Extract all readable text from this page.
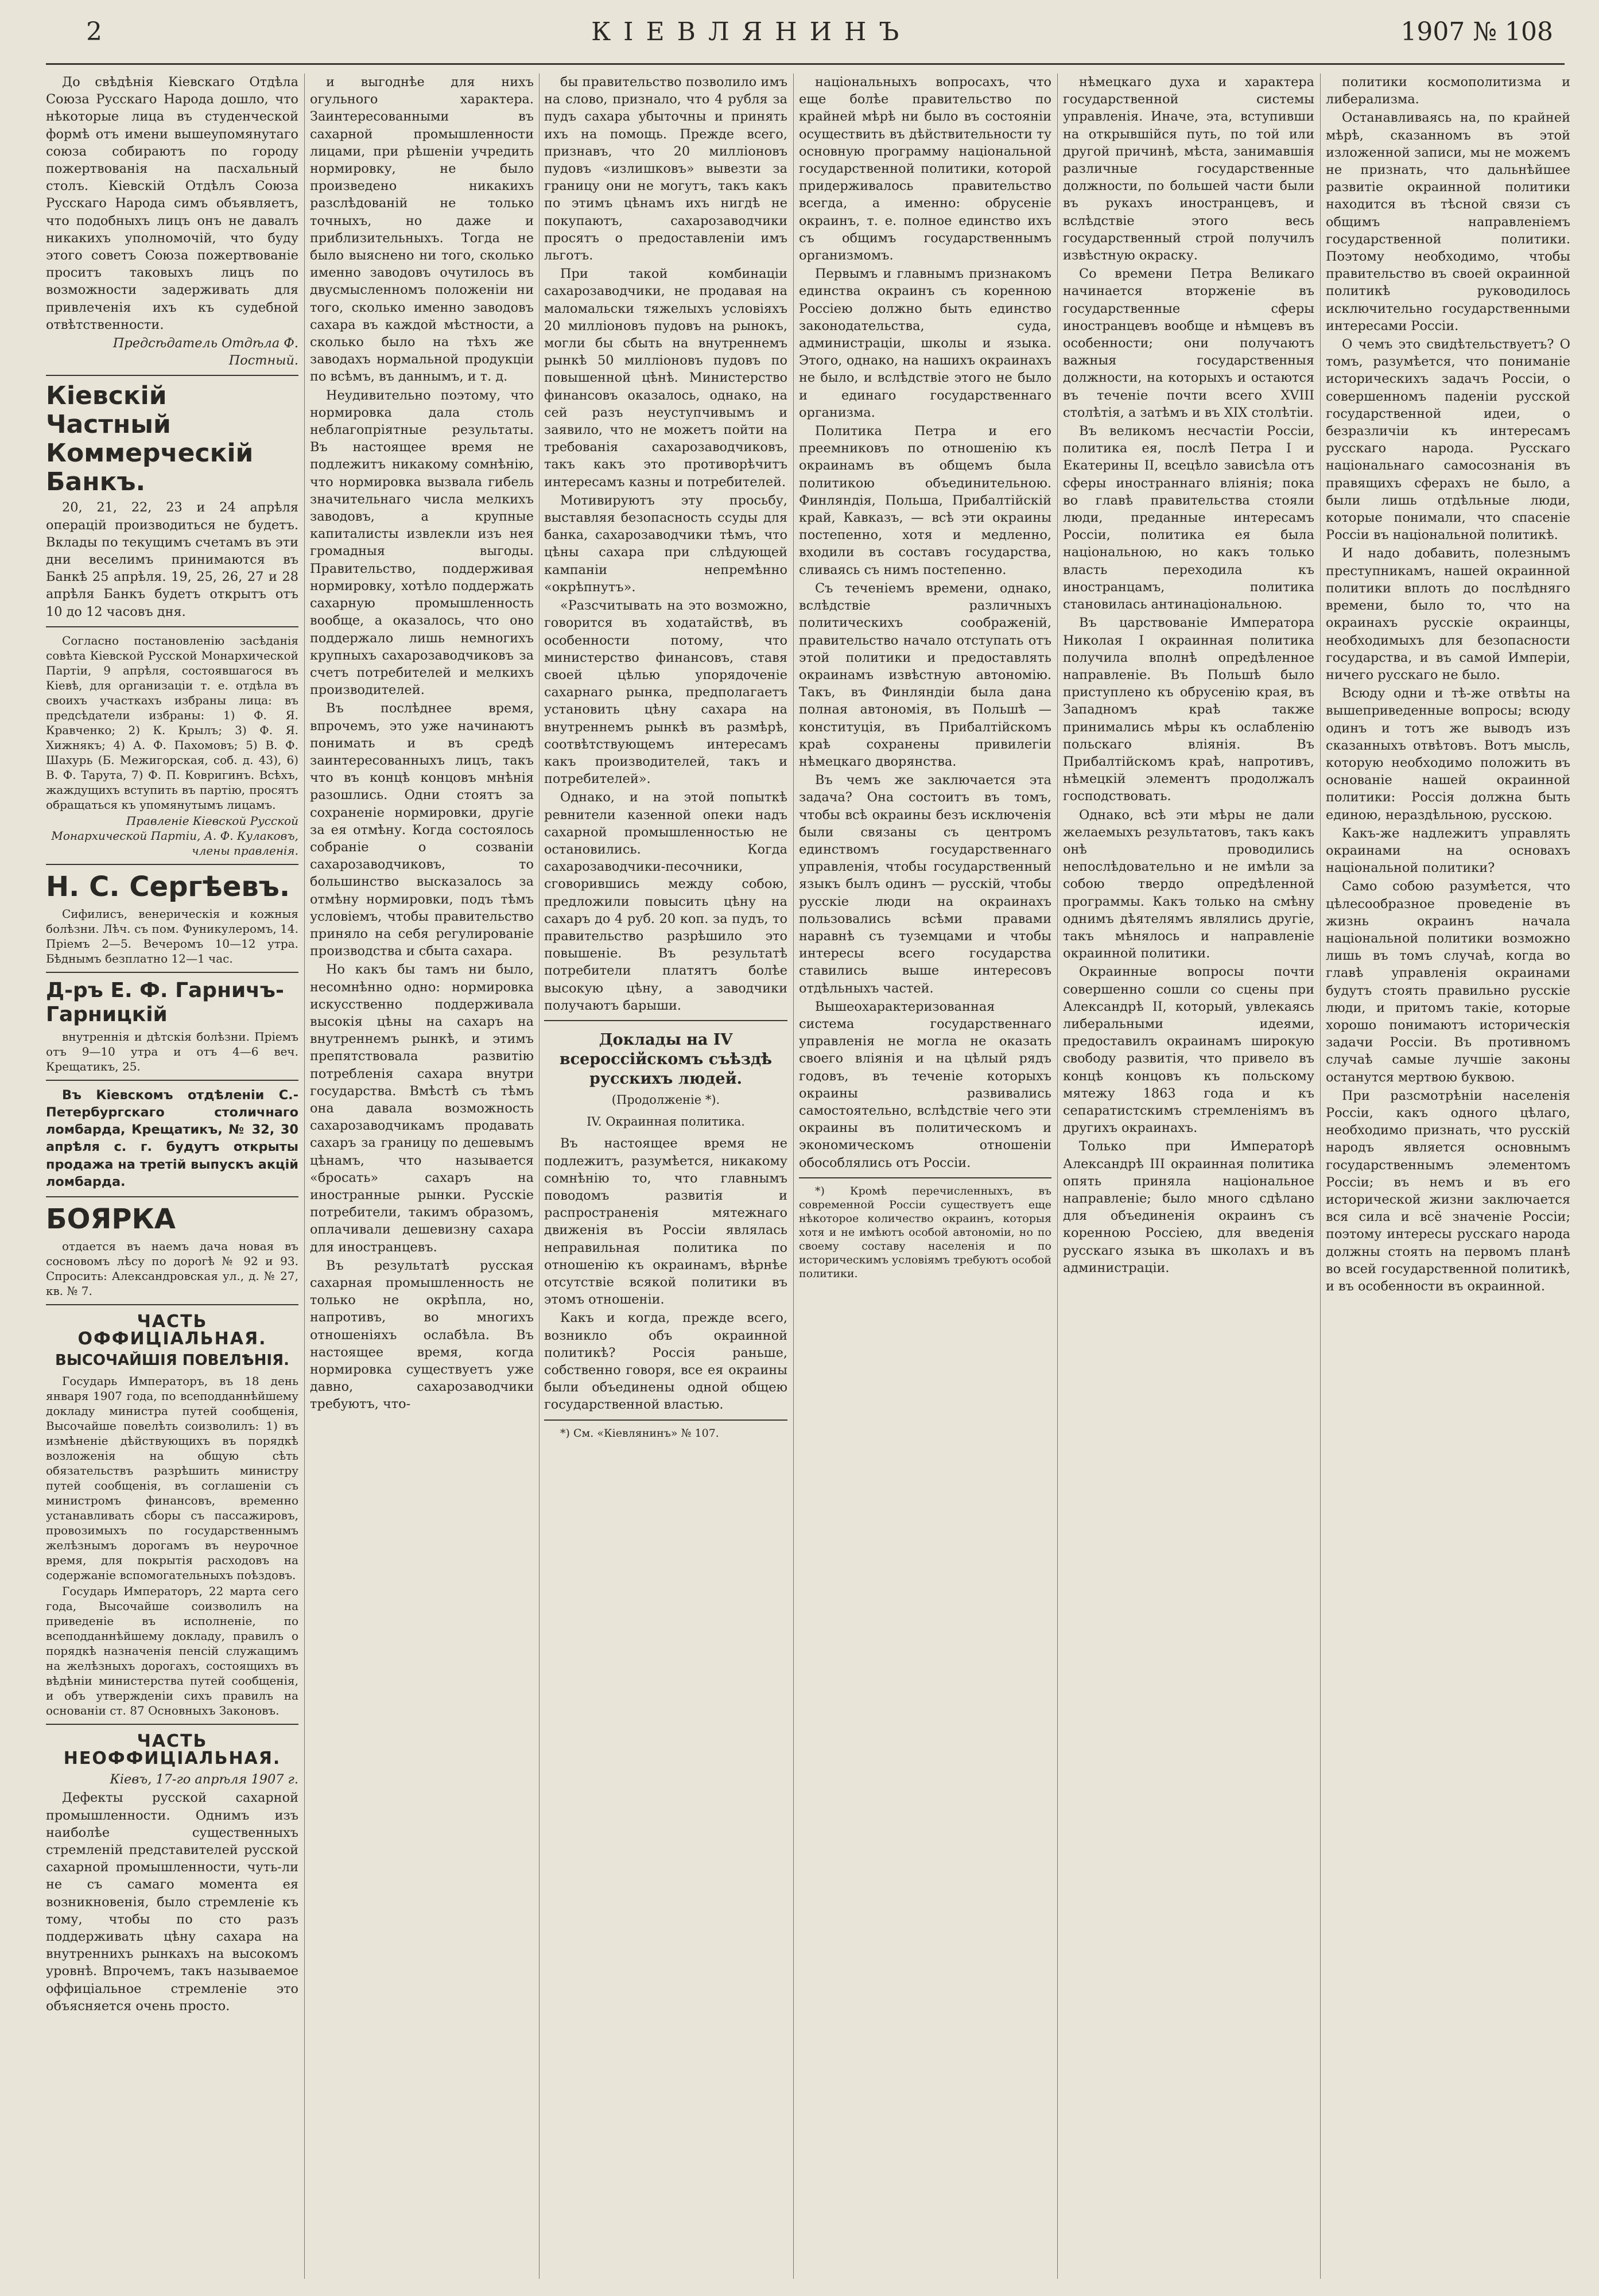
2	КІЕВЛЯНИНЪ	1907 № 108

До свѣдѣнія Кіевскаго Отдѣла Союза Русскаго Народа дошло, что нѣкоторые лица въ студенческой формѣ отъ имени вышеупомянутаго союза собираютъ по городу пожертвованія на пасхальный столъ. Кіевскій Отдѣлъ Союза Русскаго Народа симъ объявляетъ, что подобныхъ лицъ онъ не давалъ никакихъ уполномочій, что буду этого советъ Союза пожертвованіе проситъ таковыхъ лицъ по возможности задерживать для привлеченія ихъ къ судебной отвѣтственности.

Предсѣдатель Отдѣла Ф. Постный.

Кіевскій Частный Коммерческій Банкъ.

20, 21, 22, 23 и 24 апрѣля операцій производиться не будетъ. Вклады по текущимъ счетамъ въ эти дни веселимъ принимаются въ Банкѣ 25 апрѣля. 19, 25, 26, 27 и 28 апрѣля Банкъ будетъ открытъ отъ 10 до 12 часовъ дня.

Согласно постановленію засѣданія совѣта Кіевской Русской Монархической Партіи, 9 апрѣля, состоявшагося въ Кіевѣ, для организаціи т. е. отдѣла въ своихъ участкахъ избраны лица: въ предсѣдатели избраны: 1) Ф. Я. Кравченко; 2) К. Крылъ; 3) Ф. Я. Хижнякъ; 4) А. Ф. Пахомовъ; 5) В. Ф. Шахурь (Б. Межигорская, соб. д. 43), 6) В. Ф. Тарута, 7) Ф. П. Ковригинъ. Всѣхъ, жаждущихъ вступить въ партію, просятъ обращаться къ упомянутымъ лицамъ.

Правленіе Кіевской Русской Монархической Партіи, А. Ф. Кулаковъ, члены правленія.

Н. С. Сергѣевъ.

Сифилисъ, венерическія и кожныя болѣзни. Лѣч. съ пом. Фуникулеромъ, 14. Пріемъ 2—5. Вечеромъ 10—12 утра. Бѣднымъ безплатно 12—1 час.

Д-ръ Е. Ф. Гарничъ-Гарницкій

внутреннія и дѣтскія болѣзни. Пріемъ отъ 9—10 утра и отъ 4—6 веч. Крещатикъ, 25.

Въ Кіевскомъ отдѣленіи С.-Петербургскаго столичнаго ломбарда, Крещатикъ, № 32, 30 апрѣля с. г. будутъ открыты продажа на третій выпускъ акцій ломбарда.

БОЯРКА

отдается въ наемъ дача новая въ сосновомъ лѣсу по дорогѣ № 92 и 93. Спросить: Александровская ул., д. № 27, кв. № 7.

ЧАСТЬ ОФФИЦІАЛЬНАЯ.
ВЫСОЧАЙШІЯ ПОВЕЛѢНІЯ.

Государь Императоръ, въ 18 день января 1907 года, по всеподданнѣйшему докладу министра путей сообщенія, Высочайше повелѣть соизволилъ: 1) въ измѣненіе дѣйствующихъ въ порядкѣ возложенія на общую сѣть обязательствъ разрѣшить министру путей сообщенія, въ соглашеніи съ министромъ финансовъ, временно устанавливать сборы съ пассажировъ, провозимыхъ по государственнымъ желѣзнымъ дорогамъ въ неурочное время, для покрытія расходовъ на содержаніе вспомогательныхъ поѣздовъ.

Государь Императоръ, 22 марта сего года, Высочайше соизволилъ на приведеніе въ исполненіе, по всеподданнѣйшему докладу, правилъ о порядкѣ назначенія пенсій служащимъ на желѣзныхъ дорогахъ, состоящихъ въ вѣдѣніи министерства путей сообщенія, и объ утвержденіи сихъ правилъ на основаніи ст. 87 Основныхъ Законовъ.

ЧАСТЬ НЕОФФИЦІАЛЬНАЯ.

Кіевъ, 17-го апрѣля 1907 г.

Дефекты русской сахарной промышленности. Однимъ изъ наиболѣе существенныхъ стремленій представителей русской сахарной промышленности, чуть-ли не съ самаго момента ея возникновенія, было стремленіе къ тому, чтобы по сто разъ поддерживать цѣну сахара на внутреннихъ рынкахъ на высокомъ уровнѣ. Впрочемъ, такъ называемое оффиціальное стремленіе это объясняется очень просто.

и выгоднѣе для нихъ огульного характера. Заинтересованными въ сахарной промышленности лицами, при рѣшеніи учредить нормировку, не было произведено никакихъ разслѣдованій не только точныхъ, но даже и приблизительныхъ. Тогда не было выяснено ни того, сколько именно заводовъ очутилось въ двусмысленномъ положеніи ни того, сколько именно заводовъ сахара въ каждой мѣстности, а сколько было на тѣхъ же заводахъ нормальной продукціи по всѣмъ, въ даннымъ, и т. д.

Неудивительно поэтому, что нормировка дала столь неблагопріятные результаты. Въ настоящее время не подлежитъ никакому сомнѣнію, что нормировка вызвала гибель значительнаго числа мелкихъ заводовъ, а крупные капиталисты извлекли изъ нея громадныя выгоды. Правительство, поддерживая нормировку, хотѣло поддержать сахарную промышленность вообще, а оказалось, что оно поддержало лишь немногихъ крупныхъ сахарозаводчиковъ за счетъ потребителей и мелкихъ производителей.

Въ послѣднее время, впрочемъ, это уже начинаютъ понимать и въ средѣ заинтересованныхъ лицъ, такъ что въ концѣ концовъ мнѣнія разошлись. Одни стоятъ за сохраненіе нормировки, другіе за ея отмѣну. Когда состоялось собраніе о созваніи сахарозаводчиковъ, то большинство высказалось за отмѣну нормировки, подъ тѣмъ условіемъ, чтобы правительство приняло на себя регулированіе производства и сбыта сахара.

Но какъ бы тамъ ни было, несомнѣнно одно: нормировка искусственно поддерживала высокія цѣны на сахаръ на внутреннемъ рынкѣ, и этимъ препятствовала развитію потребленія сахара внутри государства. Вмѣстѣ съ тѣмъ она давала возможность сахарозаводчикамъ продавать сахаръ за границу по дешевымъ цѣнамъ, что называется «бросать» сахаръ на иностранные рынки. Русскіе потребители, такимъ образомъ, оплачивали дешевизну сахара для иностранцевъ.

Въ результатѣ русская сахарная промышленность не только не окрѣпла, но, напротивъ, во многихъ отношеніяхъ ослабѣла. Въ настоящее время, когда нормировка существуетъ уже давно, сахарозаводчики требуютъ, что-

бы правительство позволило имъ на слово, признало, что 4 рубля за пудъ сахара убыточны и принять ихъ на помощь. Прежде всего, признавъ, что 20 милліоновъ пудовъ «излишковъ» вывезти за границу они не могутъ, такъ какъ по этимъ цѣнамъ ихъ нигдѣ не покупаютъ, сахарозаводчики просятъ о предоставленіи имъ льготъ.

При такой комбинаціи сахарозаводчики, не продавая на маломальски тяжелыхъ условіяхъ 20 милліоновъ пудовъ на рынокъ, могли бы сбыть на внутреннемъ рынкѣ 50 милліоновъ пудовъ по повышенной цѣнѣ. Министерство финансовъ оказалось, однако, на сей разъ неуступчивымъ и заявило, что не можетъ пойти на требованія сахарозаводчиковъ, такъ какъ это противорѣчитъ интересамъ казны и потребителей.

Мотивируютъ эту просьбу, выставляя безопасность ссуды для банка, сахарозаводчики тѣмъ, что цѣны сахара при слѣдующей кампаніи непремѣнно «окрѣпнутъ».

«Разсчитывать на это возможно, говорится въ ходатайствѣ, въ особенности потому, что министерство финансовъ, ставя своей цѣлью упорядоченіе сахарнаго рынка, предполагаетъ установить цѣну сахара на внутреннемъ рынкѣ въ размѣрѣ, соотвѣтствующемъ интересамъ какъ производителей, такъ и потребителей».

Однако, и на этой попыткѣ ревнители казенной опеки надъ сахарной промышленностью не остановились. Когда сахарозаводчики-песочники, сговорившись между собою, предложили повысить цѣну на сахаръ до 4 руб. 20 коп. за пудъ, то правительство разрѣшило это повышеніе. Въ результатѣ потребители платятъ болѣе высокую цѣну, а заводчики получаютъ барыши.

Доклады на IV всероссійскомъ съѣздѣ русскихъ людей.
(Продолженіе *).
IV. Окраинная политика.

Въ настоящее время не подлежитъ, разумѣется, никакому сомнѣнію то, что главнымъ поводомъ развитія и распространенія мятежнаго движенія въ Россіи являлась неправильная политика по отношенію къ окраинамъ, вѣрнѣе отсутствіе всякой политики въ этомъ отношеніи.

Какъ и когда, прежде всего, возникло объ окраинной политикѣ? Россія раньше, собственно говоря, все ея окраины были объединены одной общею государственной властью.

*) См. «Кіевлянинъ» № 107.

національныхъ вопросахъ, что еще болѣе правительство по крайней мѣрѣ ни было въ состояніи осуществить въ дѣйствительности ту основную программу національной государственной политики, которой придерживалось правительство всегда, а именно: обрусеніе окраинъ, т. е. полное единство ихъ съ общимъ государственнымъ организмомъ.

Первымъ и главнымъ признакомъ единства окраинъ съ коренною Россіею должно быть единство законодательства, суда, администраціи, школы и языка. Этого, однако, на нашихъ окраинахъ не было, и вслѣдствіе этого не было и единаго государственнаго организма.

Политика Петра и его преемниковъ по отношенію къ окраинамъ въ общемъ была политикою объединительною. Финляндія, Польша, Прибалтійскій край, Кавказъ, — всѣ эти окраины постепенно, хотя и медленно, входили въ составъ государства, сливаясь съ нимъ постепенно.

Съ теченіемъ времени, однако, вслѣдствіе различныхъ политическихъ соображеній, правительство начало отступать отъ этой политики и предоставлять окраинамъ извѣстную автономію. Такъ, въ Финляндіи была дана полная автономія, въ Польшѣ — конституція, въ Прибалтійскомъ краѣ сохранены привилегіи нѣмецкаго дворянства.

Въ чемъ же заключается эта задача? Она состоитъ въ томъ, чтобы всѣ окраины безъ исключенія были связаны съ центромъ единствомъ государственнаго управленія, чтобы государственный языкъ былъ одинъ — русскій, чтобы русскіе люди на окраинахъ пользовались всѣми правами наравнѣ съ туземцами и чтобы интересы всего государства ставились выше интересовъ отдѣльныхъ частей.

Вышеохарактеризованная система государственнаго управленія не могла не оказать своего вліянія и на цѣлый рядъ годовъ, въ теченіе которыхъ окраины развивались самостоятельно, вслѣдствіе чего эти окраины въ политическомъ и экономическомъ отношеніи обособлялись отъ Россіи.

*) Кромѣ перечисленныхъ, въ современной Россіи существуетъ еще нѣкоторое количество окраинъ, которыя хотя и не имѣютъ особой автономіи, но по своему составу населенія и по историческимъ условіямъ требуютъ особой политики.

нѣмецкаго духа и характера государственной системы управленія. Иначе, эта, вступивши на открывшійся путь, по той или другой причинѣ, мѣста, занимавшія различные государственные должности, по большей части были въ рукахъ иностранцевъ, и вслѣдствіе этого весь государственный строй получилъ извѣстную окраску.

Со времени Петра Великаго начинается вторженіе въ государственные сферы иностранцевъ вообще и нѣмцевъ въ особенности; они получаютъ важныя государственныя должности, на которыхъ и остаются въ теченіе почти всего XVIII столѣтія, а затѣмъ и въ XIX столѣтіи.

Въ великомъ несчастіи Россіи, политика ея, послѣ Петра I и Екатерины II, всецѣло зависѣла отъ сферы иностраннаго вліянія; пока во главѣ правительства стояли люди, преданные интересамъ Россіи, политика ея была національною, но какъ только власть переходила къ иностранцамъ, политика становилась антинаціональною.

Въ царствованіе Императора Николая I окраинная политика получила вполнѣ опредѣленное направленіе. Въ Польшѣ было приступлено къ обрусенію края, въ Западномъ краѣ также принимались мѣры къ ослабленію польскаго вліянія. Въ Прибалтійскомъ краѣ, напротивъ, нѣмецкій элементъ продолжалъ господствовать.

Однако, всѣ эти мѣры не дали желаемыхъ результатовъ, такъ какъ онѣ проводились непослѣдовательно и не имѣли за собою твердо опредѣленной программы. Какъ только на смѣну однимъ дѣятелямъ являлись другіе, такъ мѣнялось и направленіе окраинной политики.

Окраинные вопросы почти совершенно сошли со сцены при Александрѣ II, который, увлекаясь либеральными идеями, предоставилъ окраинамъ широкую свободу развитія, что привело въ концѣ концовъ къ польскому мятежу 1863 года и къ сепаратистскимъ стремленіямъ въ другихъ окраинахъ.

Только при Императорѣ Александрѣ III окраинная политика опять приняла національное направленіе; было много сдѣлано для объединенія окраинъ съ коренною Россіею, для введенія русскаго языка въ школахъ и въ администраціи.

политики космополитизма и либерализма.

Останавливаясь на, по крайней мѣрѣ, сказанномъ въ этой изложенной записи, мы не можемъ не признать, что дальнѣйшее развитіе окраинной политики находится въ тѣсной связи съ общимъ направленіемъ государственной политики. Поэтому необходимо, чтобы правительство въ своей окраинной политикѣ руководилось исключительно государственными интересами Россіи.

О чемъ это свидѣтельствуетъ? О томъ, разумѣется, что пониманіе историческихъ задачъ Россіи, о совершенномъ паденіи русской государственной идеи, о безразличіи къ интересамъ русскаго народа. Русскаго національнаго самосознанія въ правящихъ сферахъ не было, а были лишь отдѣльные люди, которые понимали, что спасеніе Россіи въ національной политикѣ.

И надо добавить, полезнымъ преступникамъ, нашей окраинной политики вплоть до послѣдняго времени, было то, что на окраинахъ русскіе окраинцы, необходимыхъ для безопасности государства, и въ самой Имперіи, ничего русскаго не было.

Всюду одни и тѣ-же отвѣты на вышеприведенные вопросы; всюду одинъ и тотъ же выводъ изъ сказанныхъ отвѣтовъ. Вотъ мысль, которую необходимо положить въ основаніе нашей окраинной политики: Россія должна быть единою, нераздѣльною, русскою.

Какъ-же надлежитъ управлять окраинами на основахъ національной политики?

Само собою разумѣется, что цѣлесообразное проведеніе въ жизнь окраинъ начала національной политики возможно лишь въ томъ случаѣ, когда во главѣ управленія окраинами будутъ стоять правильно русскіе люди, и притомъ такіе, которые хорошо понимаютъ историческія задачи Россіи. Въ противномъ случаѣ самые лучшіе законы останутся мертвою буквою.

При разсмотрѣніи населенія Россіи, какъ одного цѣлаго, необходимо признать, что русскій народъ является основнымъ государственнымъ элементомъ Россіи; въ немъ и въ его исторической жизни заключается вся сила и всё значеніе Россіи; поэтому интересы русскаго народа должны стоять на первомъ планѣ во всей государственной политикѣ, и въ особенности въ окраинной.
